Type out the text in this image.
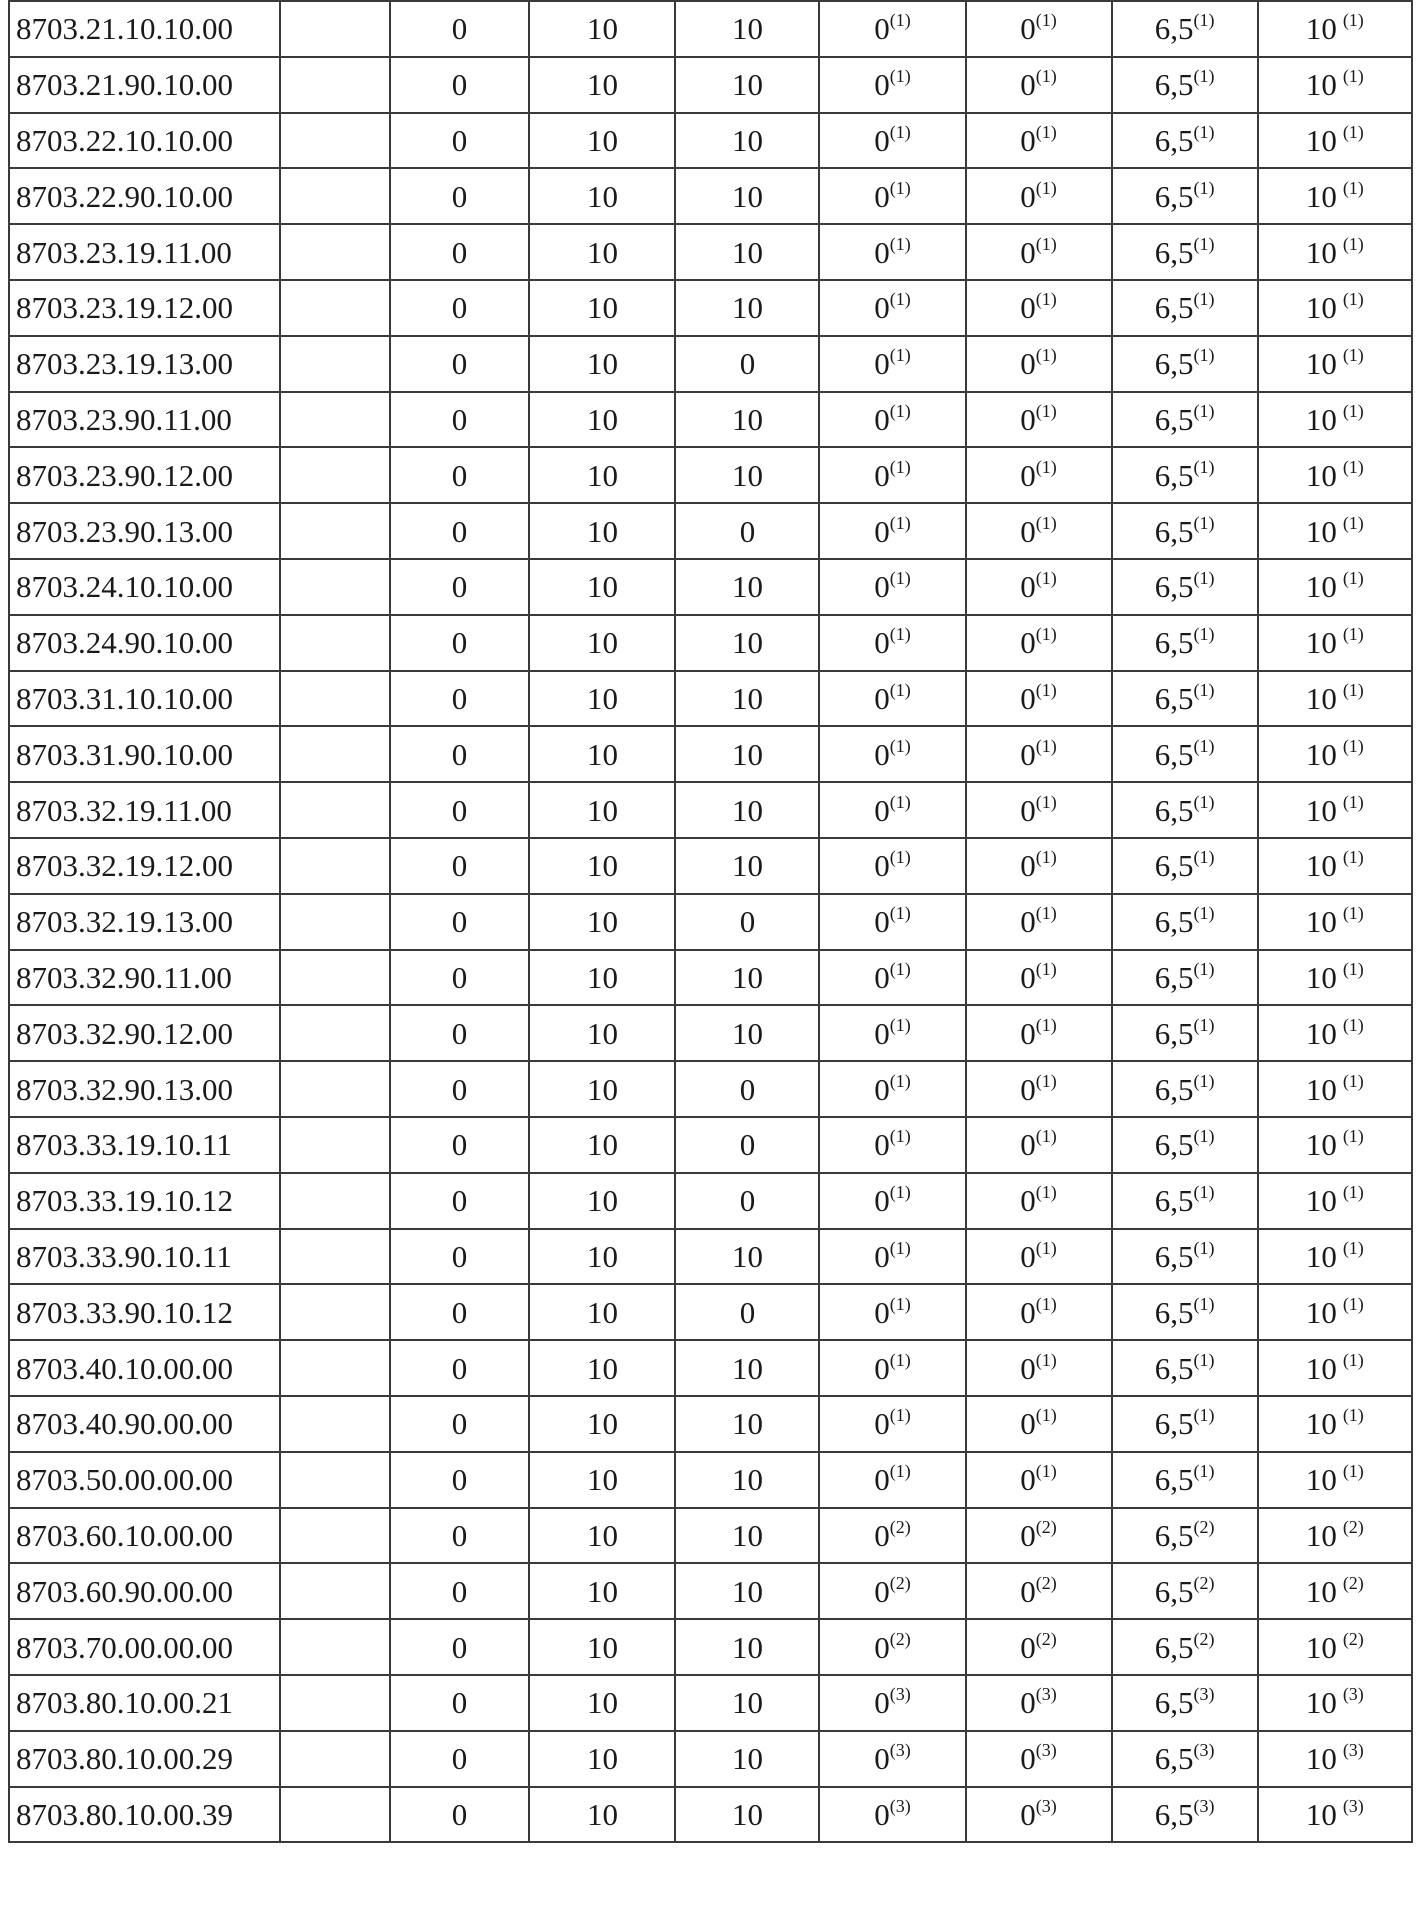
8703.21.10.10.00		0	10	10	0$^{(1)}$	0$^{(1)}$	6,5$^{(1)}$	10 $^{(1)}$
8703.21.90.10.00		0	10	10	0$^{(1)}$	0$^{(1)}$	6,5$^{(1)}$	10 $^{(1)}$
8703.22.10.10.00		0	10	10	0$^{(1)}$	0$^{(1)}$	6,5$^{(1)}$	10 $^{(1)}$
8703.22.90.10.00		0	10	10	0$^{(1)}$	0$^{(1)}$	6,5$^{(1)}$	10 $^{(1)}$
8703.23.19.11.00		0	10	10	0$^{(1)}$	0$^{(1)}$	6,5$^{(1)}$	10 $^{(1)}$
8703.23.19.12.00		0	10	10	0$^{(1)}$	0$^{(1)}$	6,5$^{(1)}$	10 $^{(1)}$
8703.23.19.13.00		0	10	0	0$^{(1)}$	0$^{(1)}$	6,5$^{(1)}$	10 $^{(1)}$
8703.23.90.11.00		0	10	10	0$^{(1)}$	0$^{(1)}$	6,5$^{(1)}$	10 $^{(1)}$
8703.23.90.12.00		0	10	10	0$^{(1)}$	0$^{(1)}$	6,5$^{(1)}$	10 $^{(1)}$
8703.23.90.13.00		0	10	0	0$^{(1)}$	0$^{(1)}$	6,5$^{(1)}$	10 $^{(1)}$
8703.24.10.10.00		0	10	10	0$^{(1)}$	0$^{(1)}$	6,5$^{(1)}$	10 $^{(1)}$
8703.24.90.10.00		0	10	10	0$^{(1)}$	0$^{(1)}$	6,5$^{(1)}$	10 $^{(1)}$
8703.31.10.10.00		0	10	10	0$^{(1)}$	0$^{(1)}$	6,5$^{(1)}$	10 $^{(1)}$
8703.31.90.10.00		0	10	10	0$^{(1)}$	0$^{(1)}$	6,5$^{(1)}$	10 $^{(1)}$
8703.32.19.11.00		0	10	10	0$^{(1)}$	0$^{(1)}$	6,5$^{(1)}$	10 $^{(1)}$
8703.32.19.12.00		0	10	10	0$^{(1)}$	0$^{(1)}$	6,5$^{(1)}$	10 $^{(1)}$
8703.32.19.13.00		0	10	0	0$^{(1)}$	0$^{(1)}$	6,5$^{(1)}$	10 $^{(1)}$
8703.32.90.11.00		0	10	10	0$^{(1)}$	0$^{(1)}$	6,5$^{(1)}$	10 $^{(1)}$
8703.32.90.12.00		0	10	10	0$^{(1)}$	0$^{(1)}$	6,5$^{(1)}$	10 $^{(1)}$
8703.32.90.13.00		0	10	0	0$^{(1)}$	0$^{(1)}$	6,5$^{(1)}$	10 $^{(1)}$
8703.33.19.10.11		0	10	0	0$^{(1)}$	0$^{(1)}$	6,5$^{(1)}$	10 $^{(1)}$
8703.33.19.10.12		0	10	0	0$^{(1)}$	0$^{(1)}$	6,5$^{(1)}$	10 $^{(1)}$
8703.33.90.10.11		0	10	10	0$^{(1)}$	0$^{(1)}$	6,5$^{(1)}$	10 $^{(1)}$
8703.33.90.10.12		0	10	0	0$^{(1)}$	0$^{(1)}$	6,5$^{(1)}$	10 $^{(1)}$
8703.40.10.00.00		0	10	10	0$^{(1)}$	0$^{(1)}$	6,5$^{(1)}$	10 $^{(1)}$
8703.40.90.00.00		0	10	10	0$^{(1)}$	0$^{(1)}$	6,5$^{(1)}$	10 $^{(1)}$
8703.50.00.00.00		0	10	10	0$^{(1)}$	0$^{(1)}$	6,5$^{(1)}$	10 $^{(1)}$
8703.60.10.00.00		0	10	10	0$^{(2)}$	0$^{(2)}$	6,5$^{(2)}$	10 $^{(2)}$
8703.60.90.00.00		0	10	10	0$^{(2)}$	0$^{(2)}$	6,5$^{(2)}$	10 $^{(2)}$
8703.70.00.00.00		0	10	10	0$^{(2)}$	0$^{(2)}$	6,5$^{(2)}$	10 $^{(2)}$
8703.80.10.00.21		0	10	10	0$^{(3)}$	0$^{(3)}$	6,5$^{(3)}$	10 $^{(3)}$
8703.80.10.00.29		0	10	10	0$^{(3)}$	0$^{(3)}$	6,5$^{(3)}$	10 $^{(3)}$
8703.80.10.00.39		0	10	10	0$^{(3)}$	0$^{(3)}$	6,5$^{(3)}$	10 $^{(3)}$
